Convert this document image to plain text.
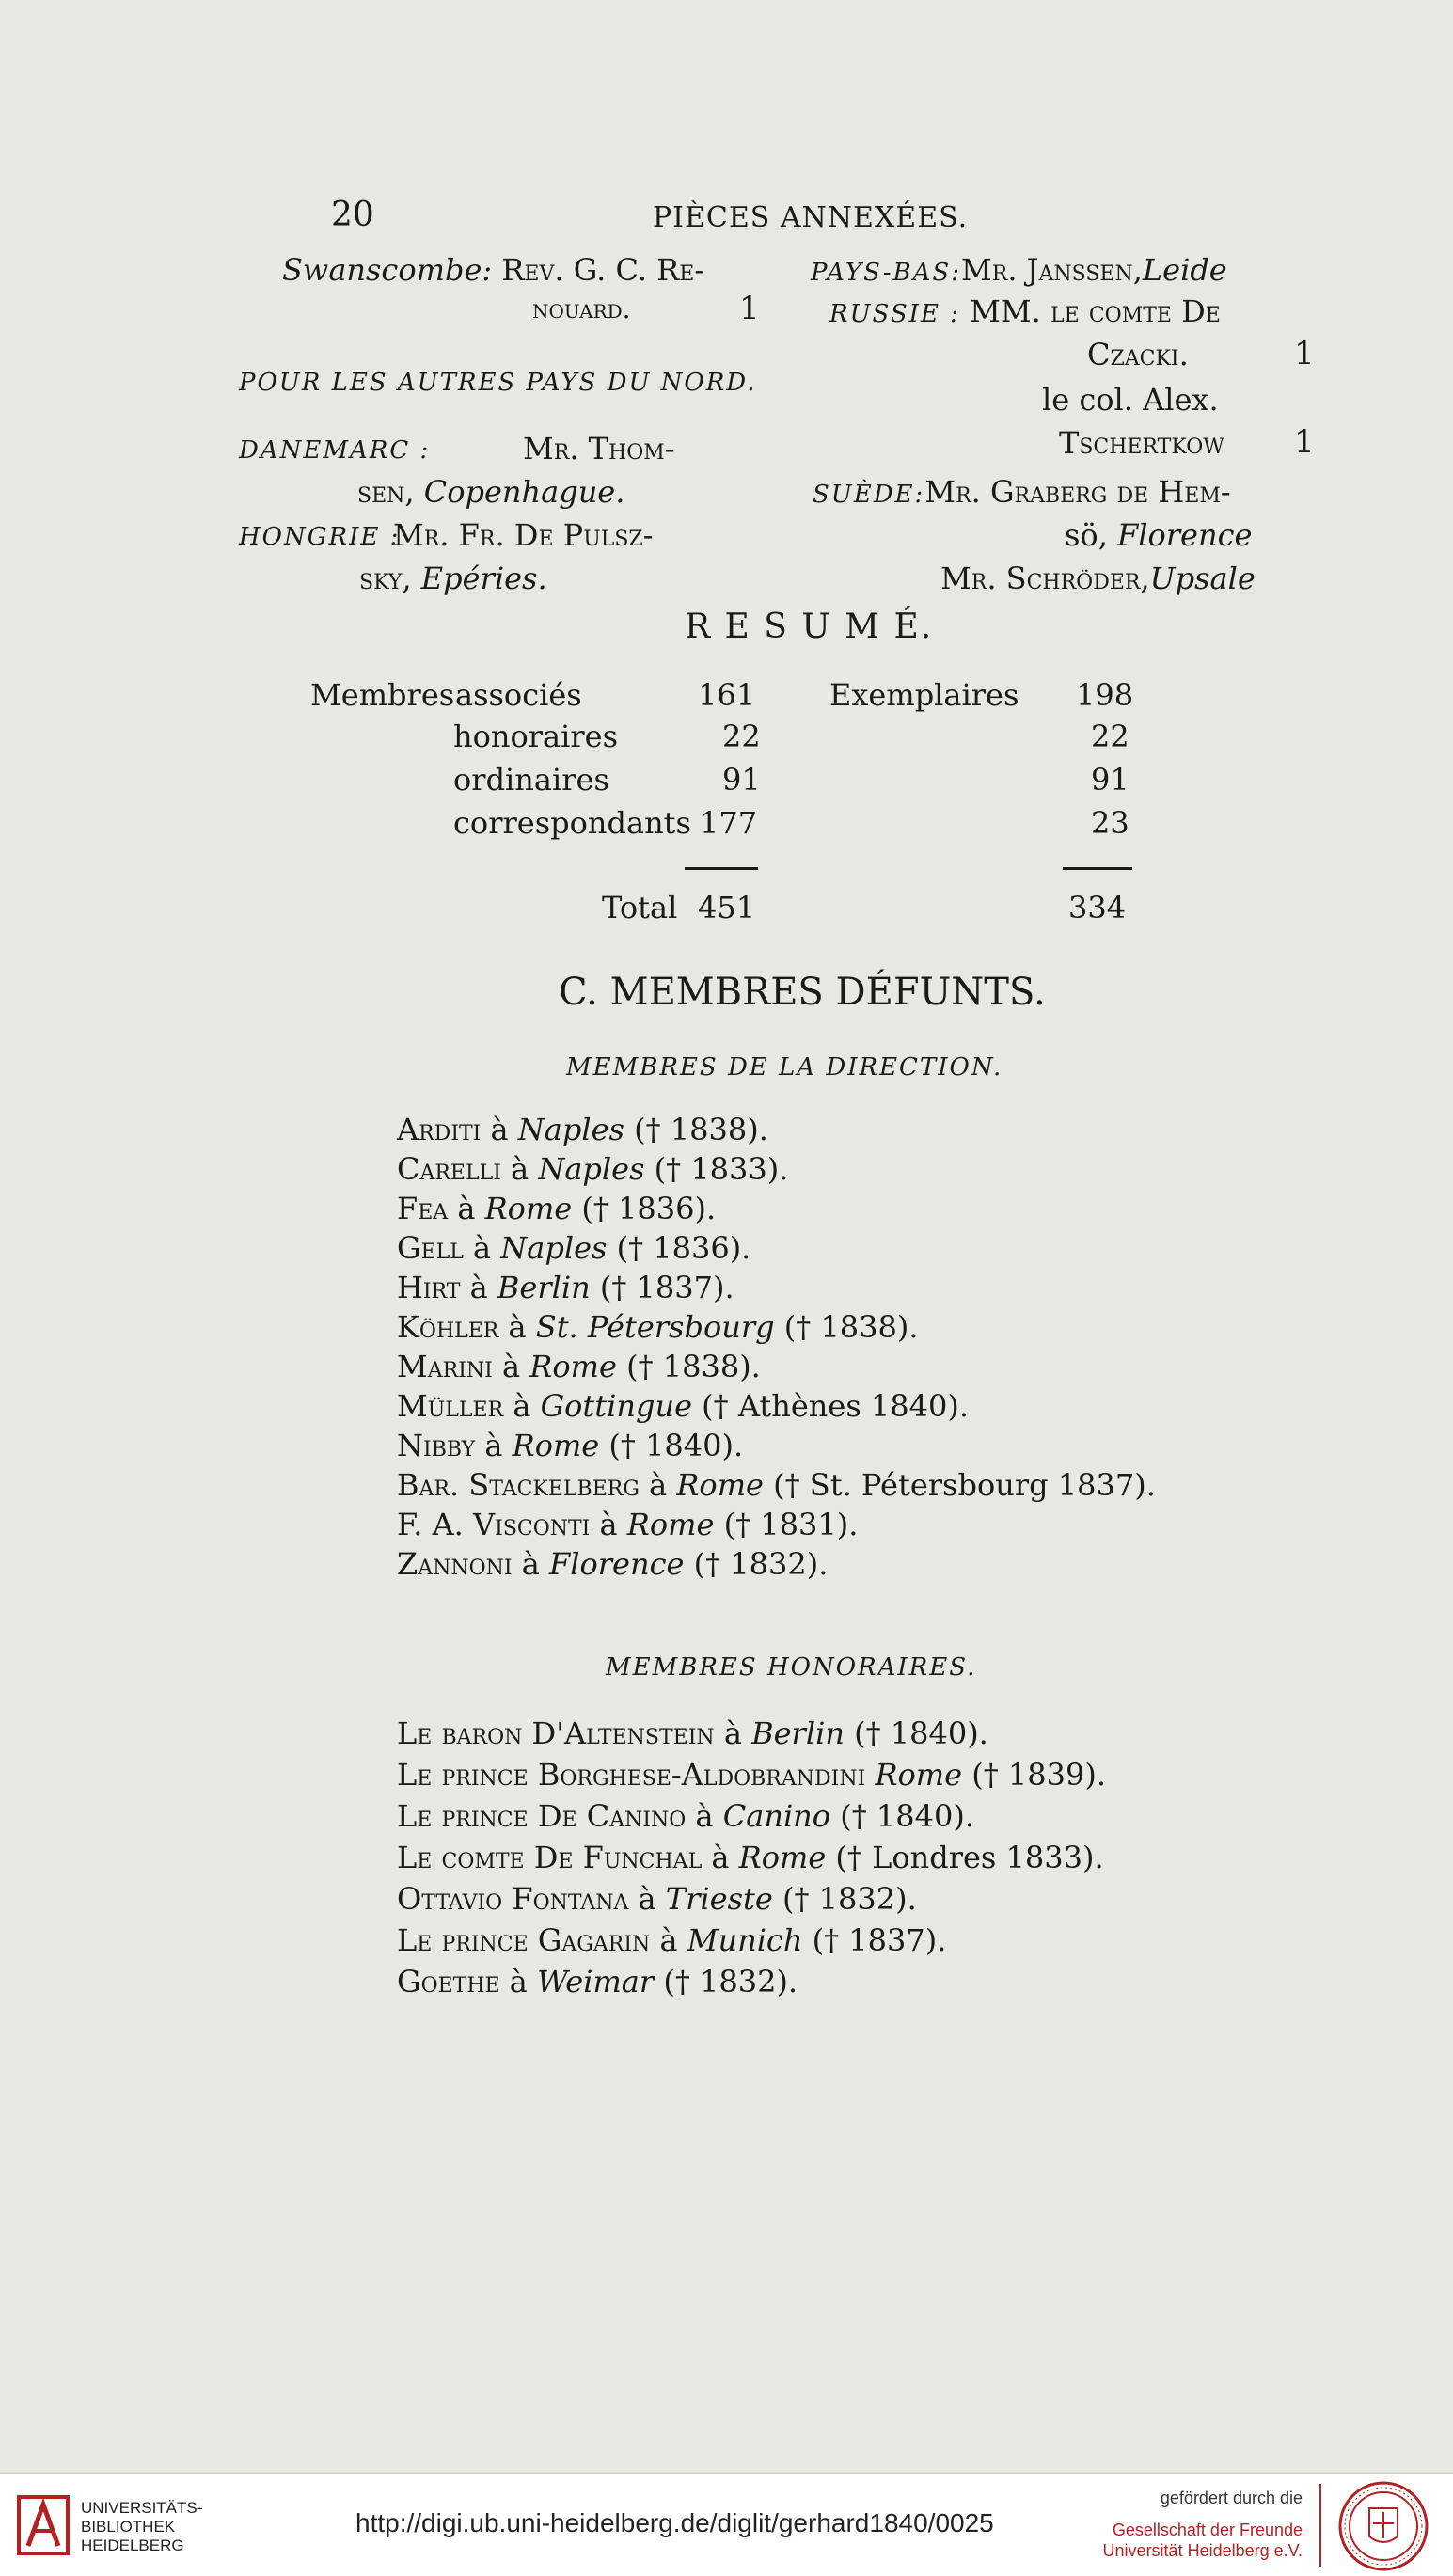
20	PIÈCES ANNEXÉES.
Swanscombe: Rev. G. C. Re-
nouard.	1
POUR LES AUTRES PAYS DU NORD.
DANEMARC :	Mr. Thom-
sen, Copenhague.
HONGRIE :
Mr. Fr. De Pulsz-
sky, Epéries.
PAYS-BAS:Mr. Janssen,Leide
RUSSIE : MM. le comte De
Czacki.	1
le col. Alex.
Tschertkow 1
SUÈDE:Mr. Graberg de Hem-
sö, Florence
Mr. Schröder,Upsale
R E S U M É.
Membres associés	161 Exemplaires 198
honoraires	22	22
ordinaires	91	91
correspondants 177	23
Total 451	334
C. MEMBRES DÉFUNTS.
MEMBRES DE LA DIRECTION.
Arditi à Naples († 1838).
Carelli à Naples († 1833).
Fea à Rome († 1836).
Gell à Naples († 1836).
Hirt à Berlin († 1837).
Köhler à St. Pétersbourg († 1838).
Marini à Rome († 1838).
Müller à Gottingue († Athènes 1840).
Nibby à Rome († 1840).
Bar. Stackelberg à Rome († St. Pétersbourg 1837).
F. A. Visconti à Rome († 1831).
Zannoni à Florence († 1832).
MEMBRES HONORAIRES.
Le baron D'Altenstein à Berlin († 1840).
Le prince Borghese-Aldobrandini Rome († 1839).
Le prince De Canino à Canino († 1840).
Le comte De Funchal à Rome († Londres 1833).
Ottavio Fontana à Trieste († 1832).
Le prince Gagarin à Munich († 1837).
Goethe à Weimar († 1832).
UNIVERSITÄTS-
BIBLIOTHEK
HEIDELBERG
http://digi.ub.uni-heidelberg.de/diglit/gerhard1840/0025
gefördert durch die
Gesellschaft der Freunde
Universität Heidelberg e.V.
